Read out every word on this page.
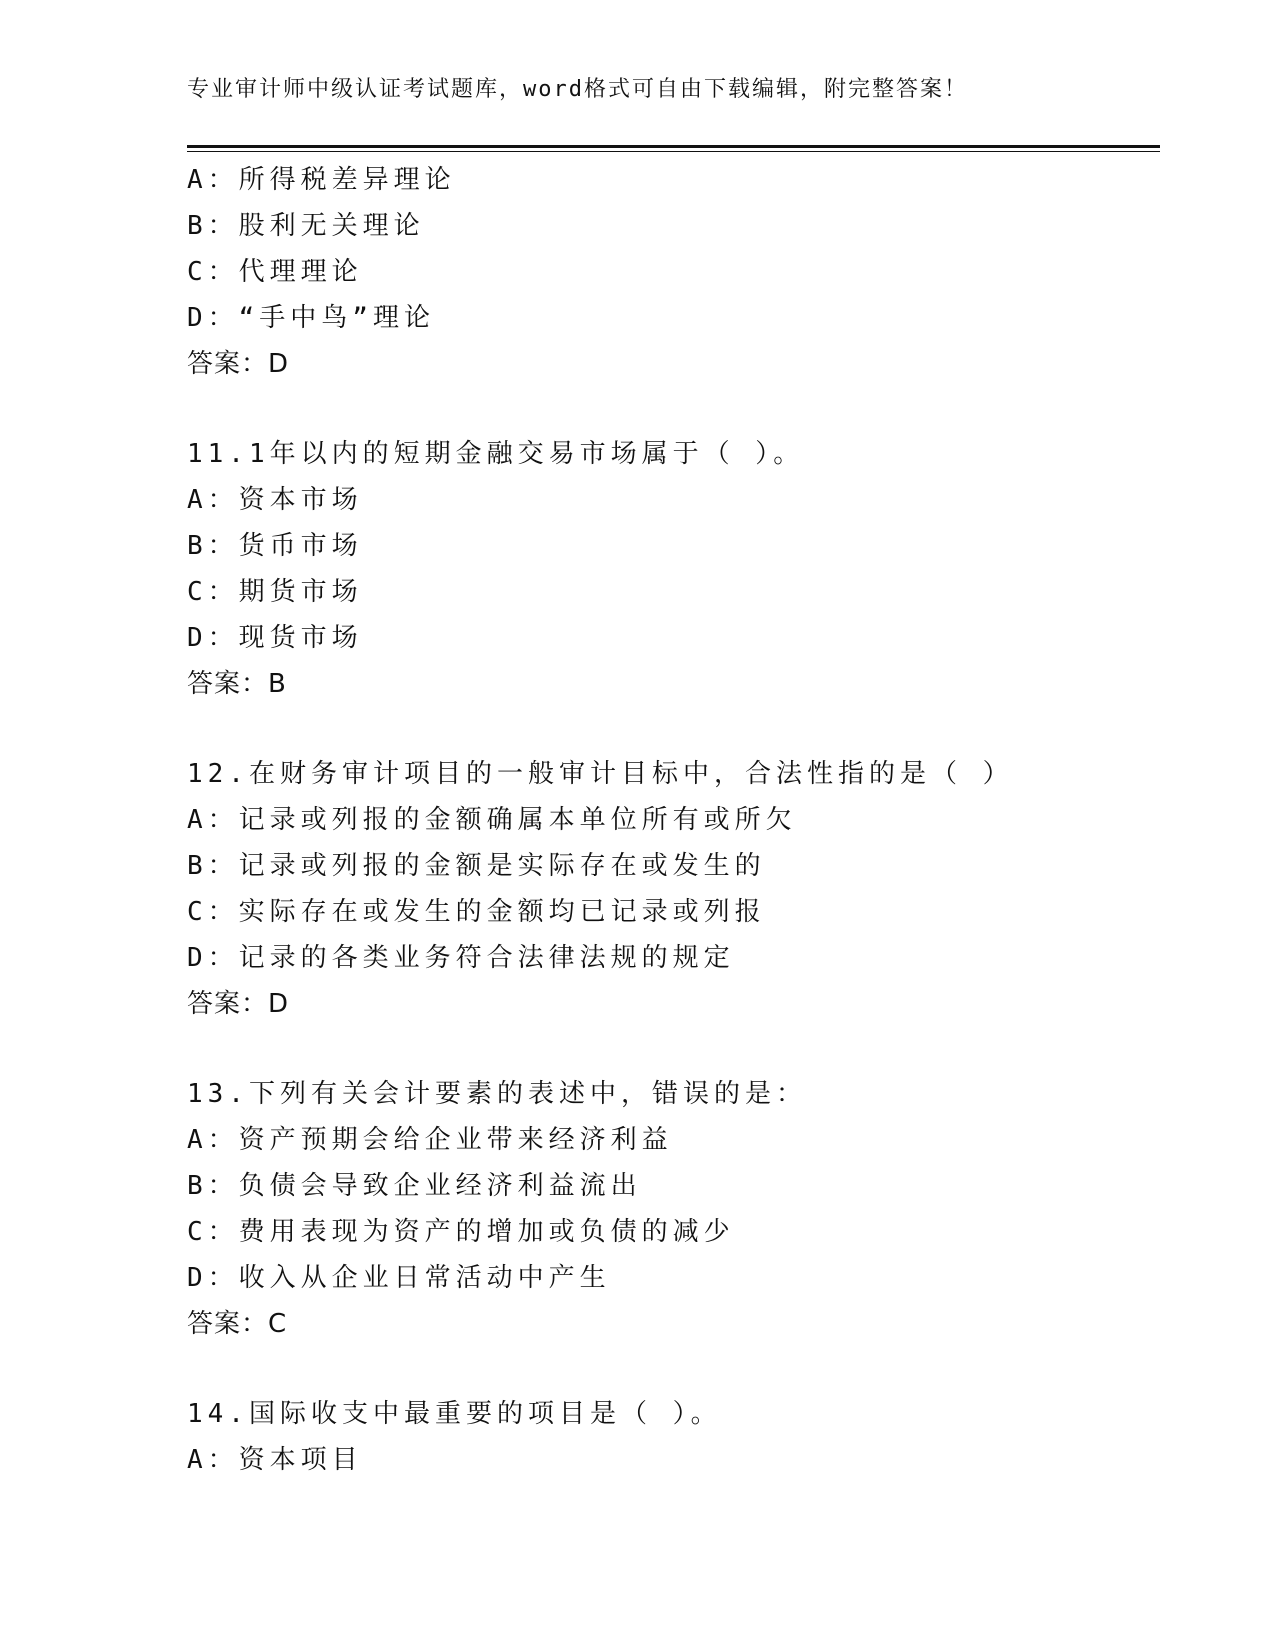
专业审计师中级认证考试题库，word格式可自由下载编辑，附完整答案！
A：所得税差异理论
B：股利无关理论
C：代理理论
D：“手中鸟”理论
答案：D
11.1年以内的短期金融交易市场属于（ ）。
A：资本市场
B：货币市场
C：期货市场
D：现货市场
答案：B
12.在财务审计项目的一般审计目标中，合法性指的是（ ）
A：记录或列报的金额确属本单位所有或所欠
B：记录或列报的金额是实际存在或发生的
C：实际存在或发生的金额均已记录或列报
D：记录的各类业务符合法律法规的规定
答案：D
13.下列有关会计要素的表述中，错误的是：
A：资产预期会给企业带来经济利益
B：负债会导致企业经济利益流出
C：费用表现为资产的增加或负债的减少
D：收入从企业日常活动中产生
答案：C
14.国际收支中最重要的项目是（ ）。
A：资本项目
